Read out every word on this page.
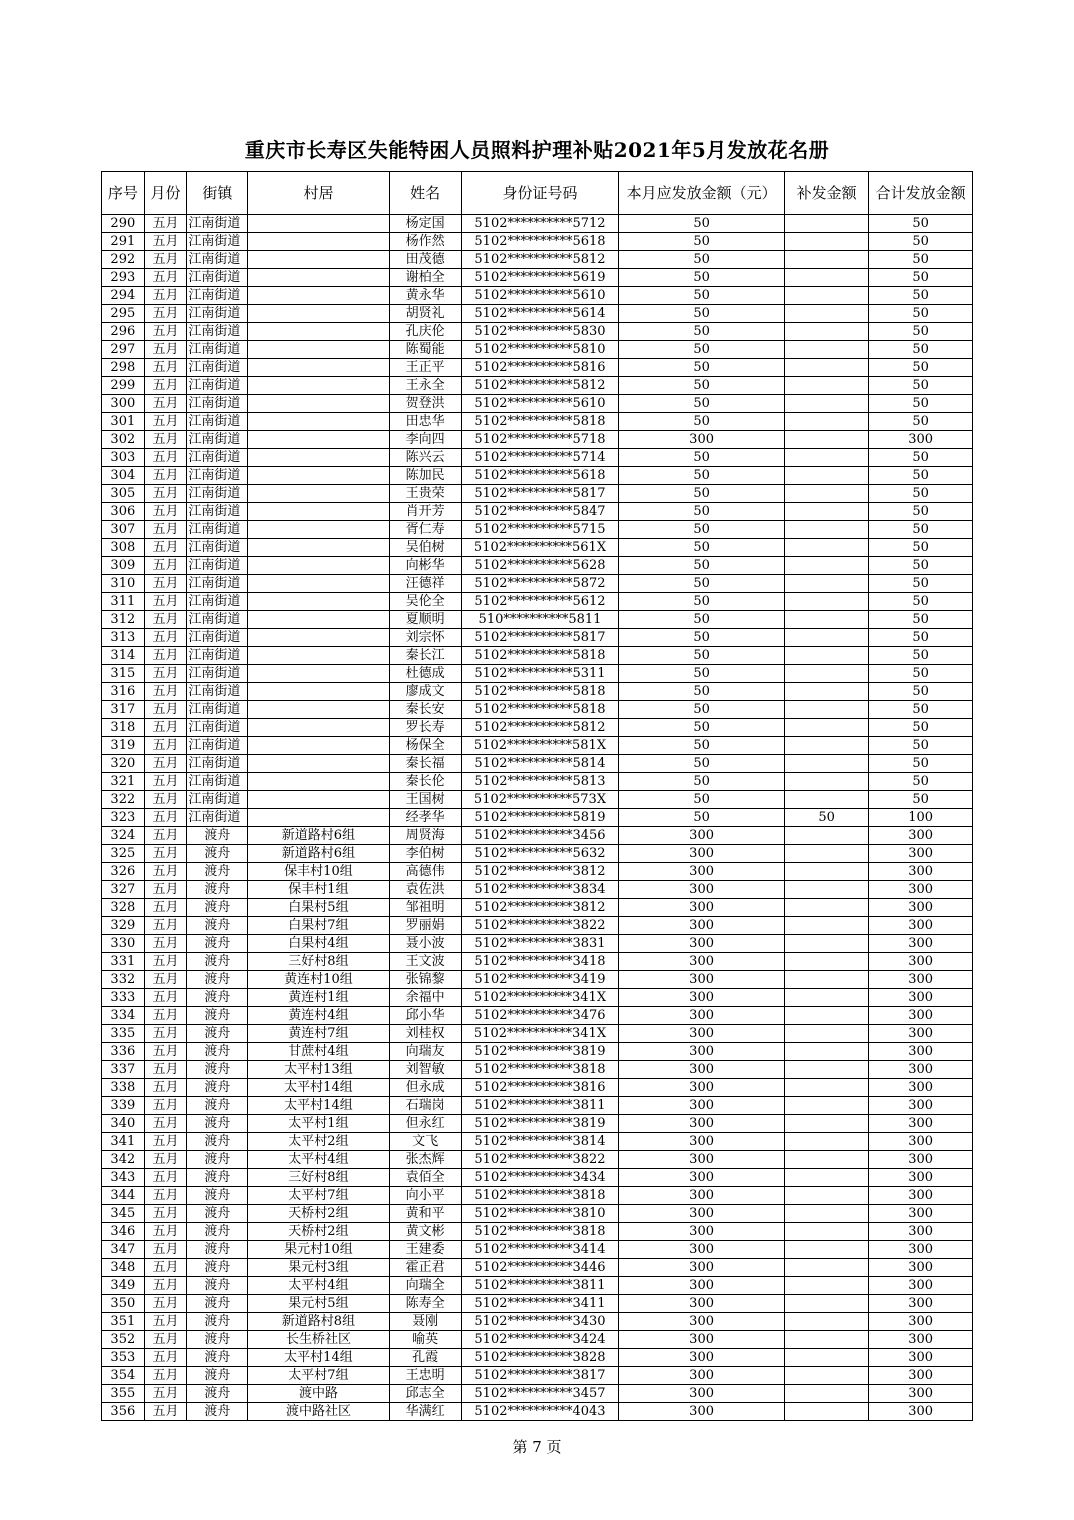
重庆市长寿区失能特困人员照料护理补贴2021年5月发放花名册
序号	月份	街镇	村居	姓名	身份证号码	本月应发放金额（元）	补发金额	合计发放金额
290	五月	江南街道		杨定国	5102**********5712	50		50
291	五月	江南街道		杨作然	5102**********5618	50		50
292	五月	江南街道		田茂德	5102**********5812	50		50
293	五月	江南街道		谢柏全	5102**********5619	50		50
294	五月	江南街道		黄永华	5102**********5610	50		50
295	五月	江南街道		胡贤礼	5102**********5614	50		50
296	五月	江南街道		孔庆伦	5102**********5830	50		50
297	五月	江南街道		陈蜀能	5102**********5810	50		50
298	五月	江南街道		王正平	5102**********5816	50		50
299	五月	江南街道		王永全	5102**********5812	50		50
300	五月	江南街道		贺登洪	5102**********5610	50		50
301	五月	江南街道		田忠华	5102**********5818	50		50
302	五月	江南街道		李向四	5102**********5718	300		300
303	五月	江南街道		陈兴云	5102**********5714	50		50
304	五月	江南街道		陈加民	5102**********5618	50		50
305	五月	江南街道		王贵荣	5102**********5817	50		50
306	五月	江南街道		肖开芳	5102**********5847	50		50
307	五月	江南街道		胥仁寿	5102**********5715	50		50
308	五月	江南街道		吴伯树	5102**********561X	50		50
309	五月	江南街道		向彬华	5102**********5628	50		50
310	五月	江南街道		汪德祥	5102**********5872	50		50
311	五月	江南街道		吴伦全	5102**********5612	50		50
312	五月	江南街道		夏顺明	510**********5811	50		50
313	五月	江南街道		刘宗怀	5102**********5817	50		50
314	五月	江南街道		秦长江	5102**********5818	50		50
315	五月	江南街道		杜德成	5102**********5311	50		50
316	五月	江南街道		廖成文	5102**********5818	50		50
317	五月	江南街道		秦长安	5102**********5818	50		50
318	五月	江南街道		罗长寿	5102**********5812	50		50
319	五月	江南街道		杨保全	5102**********581X	50		50
320	五月	江南街道		秦长福	5102**********5814	50		50
321	五月	江南街道		秦长伦	5102**********5813	50		50
322	五月	江南街道		王国树	5102**********573X	50		50
323	五月	江南街道		经孝华	5102**********5819	50	50	100
324	五月	渡舟	新道路村6组	周贤海	5102**********3456	300		300
325	五月	渡舟	新道路村6组	李伯树	5102**********5632	300		300
326	五月	渡舟	保丰村10组	高德伟	5102**********3812	300		300
327	五月	渡舟	保丰村1组	袁佐洪	5102**********3834	300		300
328	五月	渡舟	白果村5组	邹祖明	5102**********3812	300		300
329	五月	渡舟	白果村7组	罗丽娟	5102**********3822	300		300
330	五月	渡舟	白果村4组	聂小波	5102**********3831	300		300
331	五月	渡舟	三好村8组	王文波	5102**********3418	300		300
332	五月	渡舟	黄连村10组	张锦黎	5102**********3419	300		300
333	五月	渡舟	黄连村1组	余福中	5102**********341X	300		300
334	五月	渡舟	黄连村4组	邱小华	5102**********3476	300		300
335	五月	渡舟	黄连村7组	刘桂权	5102**********341X	300		300
336	五月	渡舟	甘蔗村4组	向瑞友	5102**********3819	300		300
337	五月	渡舟	太平村13组	刘智敏	5102**********3818	300		300
338	五月	渡舟	太平村14组	但永成	5102**********3816	300		300
339	五月	渡舟	太平村14组	石瑞岗	5102**********3811	300		300
340	五月	渡舟	太平村1组	但永红	5102**********3819	300		300
341	五月	渡舟	太平村2组	文飞	5102**********3814	300		300
342	五月	渡舟	太平村4组	张杰辉	5102**********3822	300		300
343	五月	渡舟	三好村8组	袁佰全	5102**********3434	300		300
344	五月	渡舟	太平村7组	向小平	5102**********3818	300		300
345	五月	渡舟	天桥村2组	黄和平	5102**********3810	300		300
346	五月	渡舟	天桥村2组	黄文彬	5102**********3818	300		300
347	五月	渡舟	果元村10组	王建委	5102**********3414	300		300
348	五月	渡舟	果元村3组	霍正君	5102**********3446	300		300
349	五月	渡舟	太平村4组	向瑞全	5102**********3811	300		300
350	五月	渡舟	果元村5组	陈寿全	5102**********3411	300		300
351	五月	渡舟	新道路村8组	聂刚	5102**********3430	300		300
352	五月	渡舟	长生桥社区	喻英	5102**********3424	300		300
353	五月	渡舟	太平村14组	孔霞	5102**********3828	300		300
354	五月	渡舟	太平村7组	王忠明	5102**********3817	300		300
355	五月	渡舟	渡中路	邱志全	5102**********3457	300		300
356	五月	渡舟	渡中路社区	华满红	5102**********4043	300		300
第 7 页
